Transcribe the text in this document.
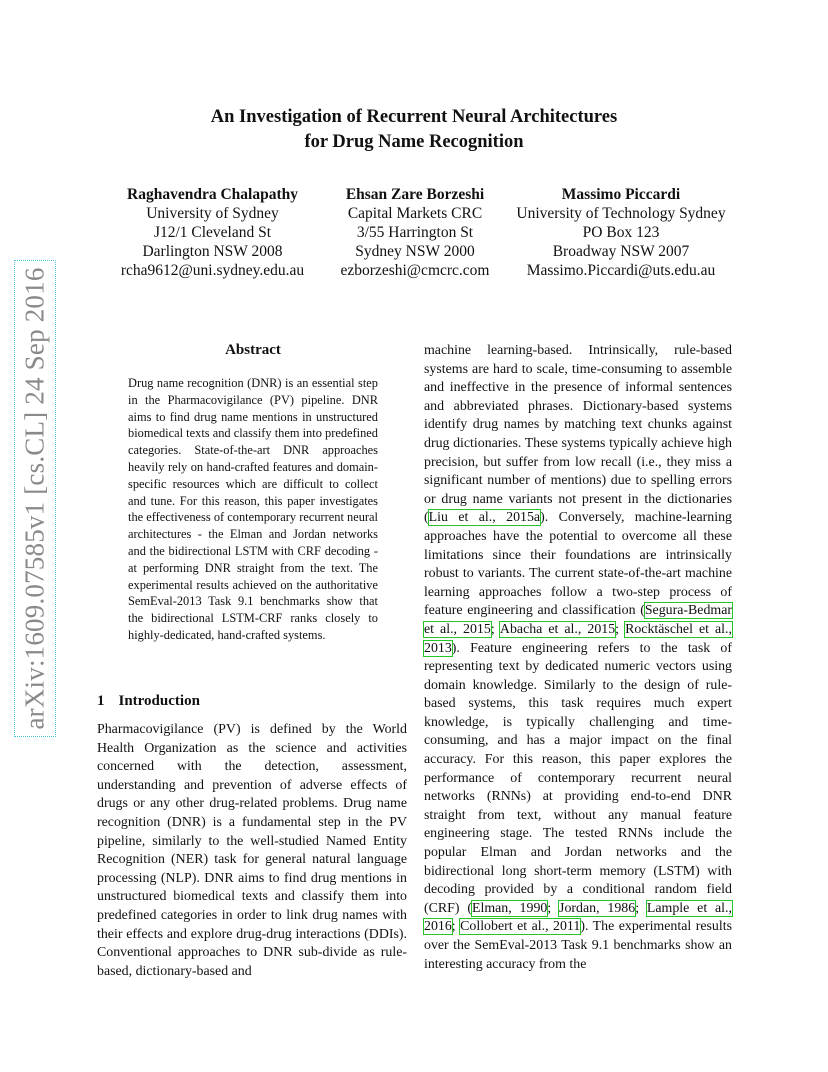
arXiv:1609.07585v1 [cs.CL] 24 Sep 2016
An Investigation of Recurrent Neural Architectures
for Drug Name Recognition
Raghavendra Chalapathy
University of Sydney
J12/1 Cleveland St
Darlington NSW 2008
rcha9612@uni.sydney.edu.au
Ehsan Zare Borzeshi
Capital Markets CRC
3/55 Harrington St
Sydney NSW 2000
ezborzeshi@cmcrc.com
Massimo Piccardi
University of Technology Sydney
PO Box 123
Broadway NSW 2007
Massimo.Piccardi@uts.edu.au
Abstract

Drug name recognition (DNR) is an essential step in the Pharmacovigilance (PV) pipeline. DNR aims to find drug name mentions in unstructured biomedical texts and classify them into predefined categories. State-of-the-art DNR approaches heavily rely on hand-crafted features and domain-specific resources which are difficult to collect and tune. For this reason, this paper investigates the effectiveness of contemporary recurrent neural architectures - the Elman and Jordan networks and the bidirectional LSTM with CRF decoding - at performing DNR straight from the text. The experimental results achieved on the authoritative SemEval-2013 Task 9.1 benchmarks show that the bidirectional LSTM-CRF ranks closely to highly-dedicated, hand-crafted systems.

1 Introduction

Pharmacovigilance (PV) is defined by the World Health Organization as the science and activities concerned with the detection, assessment, understanding and prevention of adverse effects of drugs or any other drug-related problems. Drug name recognition (DNR) is a fundamental step in the PV pipeline, similarly to the well-studied Named Entity Recognition (NER) task for general natural language processing (NLP). DNR aims to find drug mentions in unstructured biomedical texts and classify them into predefined categories in order to link drug names with their effects and explore drug-drug interactions (DDIs). Conventional approaches to DNR sub-divide as rule-based, dictionary-based and

machine learning-based. Intrinsically, rule-based systems are hard to scale, time-consuming to assemble and ineffective in the presence of informal sentences and abbreviated phrases. Dictionary-based systems identify drug names by matching text chunks against drug dictionaries. These systems typically achieve high precision, but suffer from low recall (i.e., they miss a significant number of mentions) due to spelling errors or drug name variants not present in the dictionaries (Liu et al., 2015a). Conversely, machine-learning approaches have the potential to overcome all these limitations since their foundations are intrinsically robust to variants. The current state-of-the-art machine learning approaches follow a two-step process of feature engineering and classification (Segura-Bedmar et al., 2015; Abacha et al., 2015; Rocktäschel et al., 2013). Feature engineering refers to the task of representing text by dedicated numeric vectors using domain knowledge. Similarly to the design of rule-based systems, this task requires much expert knowledge, is typically challenging and time-consuming, and has a major impact on the final accuracy. For this reason, this paper explores the performance of contemporary recurrent neural networks (RNNs) at providing end-to-end DNR straight from text, without any manual feature engineering stage. The tested RNNs include the popular Elman and Jordan networks and the bidirectional long short-term memory (LSTM) with decoding provided by a conditional random field (CRF) (Elman, 1990; Jordan, 1986; Lample et al., 2016; Collobert et al., 2011). The experimental results over the SemEval-2013 Task 9.1 benchmarks show an interesting accuracy from the
